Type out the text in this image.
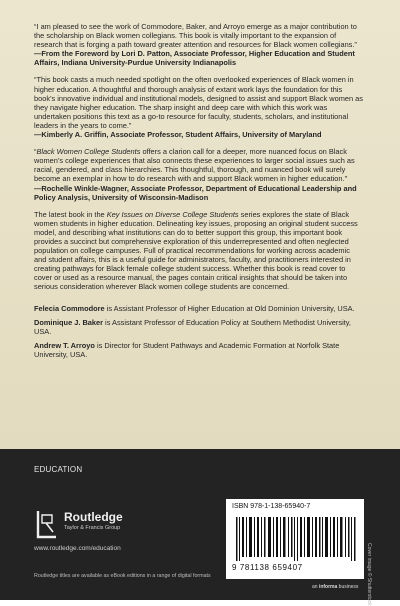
“I am pleased to see the work of Commodore, Baker, and Arroyo emerge as a major contribution to the scholarship on Black women collegians. This book is vitally important to the expansion of research that is forging a path toward greater attention and resources for Black women collegians.”
—From the Foreword by Lori D. Patton, Associate Professor, Higher Education and Student Affairs, Indiana University-Purdue University Indianapolis

“This book casts a much needed spotlight on the often overlooked experiences of Black women in higher education. A thoughtful and thorough analysis of extant work lays the foundation for this book’s innovative individual and institutional models, designed to assist and support Black women as they navigate higher education. The sharp insight and deep care with which this work was undertaken positions this text as a go-to resource for faculty, students, scholars, and institutional leaders in the years to come.”
—Kimberly A. Griffin, Associate Professor, Student Affairs, University of Maryland

“Black Women College Students offers a clarion call for a deeper, more nuanced focus on Black women’s college experiences that also connects these experiences to larger social issues such as racial, gendered, and class hierarchies. This thoughtful, thorough, and nuanced book will surely become an exemplar in how to do research with and support Black women in higher education.”
—Rochelle Winkle-Wagner, Associate Professor, Department of Educational Leadership and Policy Analysis, University of Wisconsin-Madison

The latest book in the Key Issues on Diverse College Students series explores the state of Black women students in higher education. Delineating key issues, proposing an original student success model, and describing what institutions can do to better support this group, this important book provides a succinct but comprehensive exploration of this underrepresented and often neglected population on college campuses. Full of practical recommendations for working across academic and student affairs, this is a useful guide for administrators, faculty, and practitioners interested in creating pathways for Black female college student success. Whether this book is read cover to cover or used as a resource manual, the pages contain critical insights that should be taken into serious consideration wherever Black women college students are concerned.

Felecia Commodore is Assistant Professor of Higher Education at Old Dominion University, USA.

Dominique J. Baker is Assistant Professor of Education Policy at Southern Methodist University, USA.

Andrew T. Arroyo is Director for Student Pathways and Academic Formation at Norfolk State University, USA.

EDUCATION
Routledge
Taylor & Francis Group
www.routledge.com/education
Routledge titles are available as eBook editions in a range of digital formats
ISBN 978-1-138-65940-7
9 781138 659407	Cover image © Shutterstock
an informa business
